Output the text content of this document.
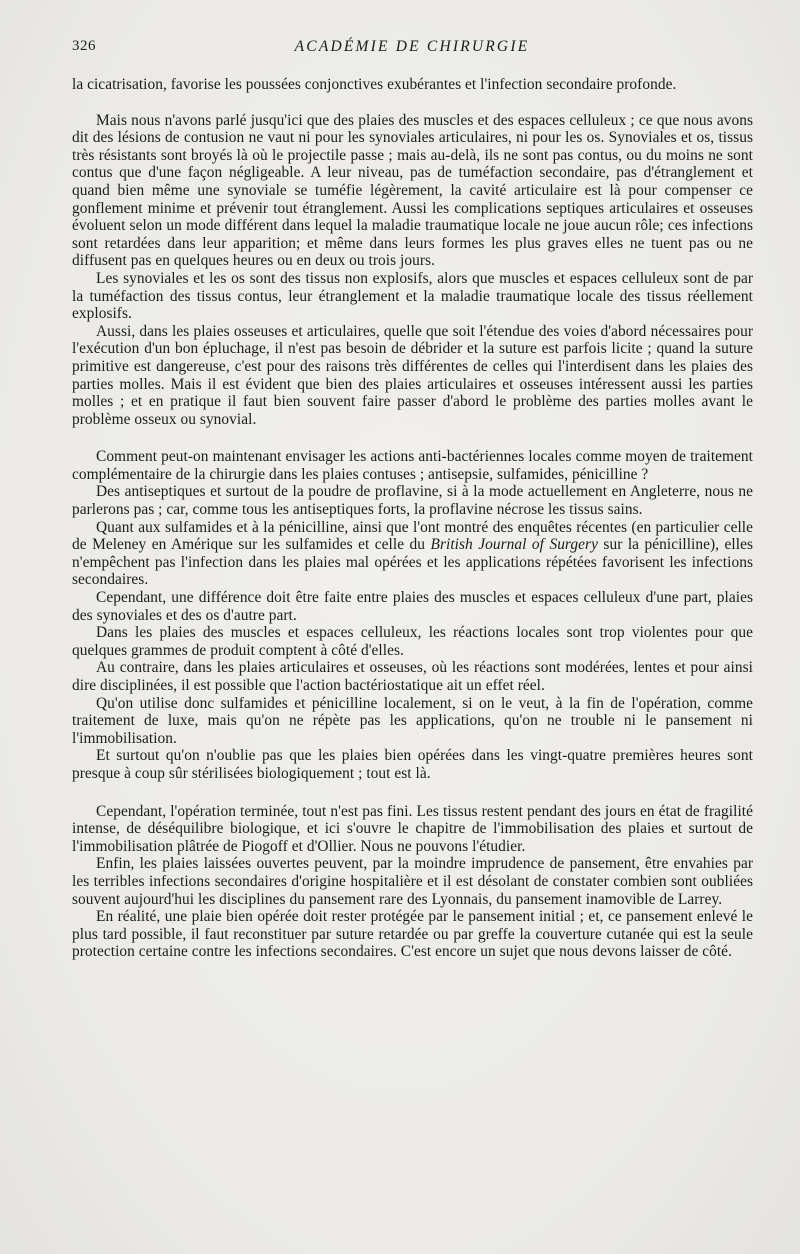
326	ACADÉMIE DE CHIRURGIE

la cicatrisation, favorise les poussées conjonctives exubérantes et l'infection secondaire profonde.

Mais nous n'avons parlé jusqu'ici que des plaies des muscles et des espaces celluleux ; ce que nous avons dit des lésions de contusion ne vaut ni pour les synoviales articulaires, ni pour les os. Synoviales et os, tissus très résistants sont broyés là où le projectile passe ; mais au-delà, ils ne sont pas contus, ou du moins ne sont contus que d'une façon négligeable. A leur niveau, pas de tuméfaction secondaire, pas d'étranglement et quand bien même une synoviale se tuméfie légèrement, la cavité articulaire est là pour compenser ce gonflement minime et prévenir tout étranglement. Aussi les complications septiques articulaires et osseuses évoluent selon un mode différent dans lequel la maladie traumatique locale ne joue aucun rôle; ces infections sont retardées dans leur apparition; et même dans leurs formes les plus graves elles ne tuent pas ou ne diffusent pas en quelques heures ou en deux ou trois jours.

Les synoviales et les os sont des tissus non explosifs, alors que muscles et espaces celluleux sont de par la tuméfaction des tissus contus, leur étranglement et la maladie traumatique locale des tissus réellement explosifs.

Aussi, dans les plaies osseuses et articulaires, quelle que soit l'étendue des voies d'abord nécessaires pour l'exécution d'un bon épluchage, il n'est pas besoin de débrider et la suture est parfois licite ; quand la suture primitive est dangereuse, c'est pour des raisons très différentes de celles qui l'interdisent dans les plaies des parties molles. Mais il est évident que bien des plaies articulaires et osseuses intéressent aussi les parties molles ; et en pratique il faut bien souvent faire passer d'abord le problème des parties molles avant le problème osseux ou synovial.

Comment peut-on maintenant envisager les actions anti-bactériennes locales comme moyen de traitement complémentaire de la chirurgie dans les plaies contuses ; antisepsie, sulfamides, pénicilline ?

Des antiseptiques et surtout de la poudre de proflavine, si à la mode actuellement en Angleterre, nous ne parlerons pas ; car, comme tous les antiseptiques forts, la proflavine nécrose les tissus sains.

Quant aux sulfamides et à la pénicilline, ainsi que l'ont montré des enquêtes récentes (en particulier celle de Meleney en Amérique sur les sulfamides et celle du British Journal of Surgery sur la pénicilline), elles n'empêchent pas l'infection dans les plaies mal opérées et les applications répétées favorisent les infections secondaires.

Cependant, une différence doit être faite entre plaies des muscles et espaces celluleux d'une part, plaies des synoviales et des os d'autre part.

Dans les plaies des muscles et espaces celluleux, les réactions locales sont trop violentes pour que quelques grammes de produit comptent à côté d'elles.

Au contraire, dans les plaies articulaires et osseuses, où les réactions sont modérées, lentes et pour ainsi dire disciplinées, il est possible que l'action bactériostatique ait un effet réel.

Qu'on utilise donc sulfamides et pénicilline localement, si on le veut, à la fin de l'opération, comme traitement de luxe, mais qu'on ne répète pas les applications, qu'on ne trouble ni le pansement ni l'immobilisation.

Et surtout qu'on n'oublie pas que les plaies bien opérées dans les vingt-quatre premières heures sont presque à coup sûr stérilisées biologiquement ; tout est là.

Cependant, l'opération terminée, tout n'est pas fini. Les tissus restent pendant des jours en état de fragilité intense, de déséquilibre biologique, et ici s'ouvre le chapitre de l'immobilisation des plaies et surtout de l'immobilisation plâtrée de Piogoff et d'Ollier. Nous ne pouvons l'étudier.

Enfin, les plaies laissées ouvertes peuvent, par la moindre imprudence de pansement, être envahies par les terribles infections secondaires d'origine hospitalière et il est désolant de constater combien sont oubliées souvent aujourd'hui les disciplines du pansement rare des Lyonnais, du pansement inamovible de Larrey.

En réalité, une plaie bien opérée doit rester protégée par le pansement initial ; et, ce pansement enlevé le plus tard possible, il faut reconstituer par suture retardée ou par greffe la couverture cutanée qui est la seule protection certaine contre les infections secondaires. C'est encore un sujet que nous devons laisser de côté.
